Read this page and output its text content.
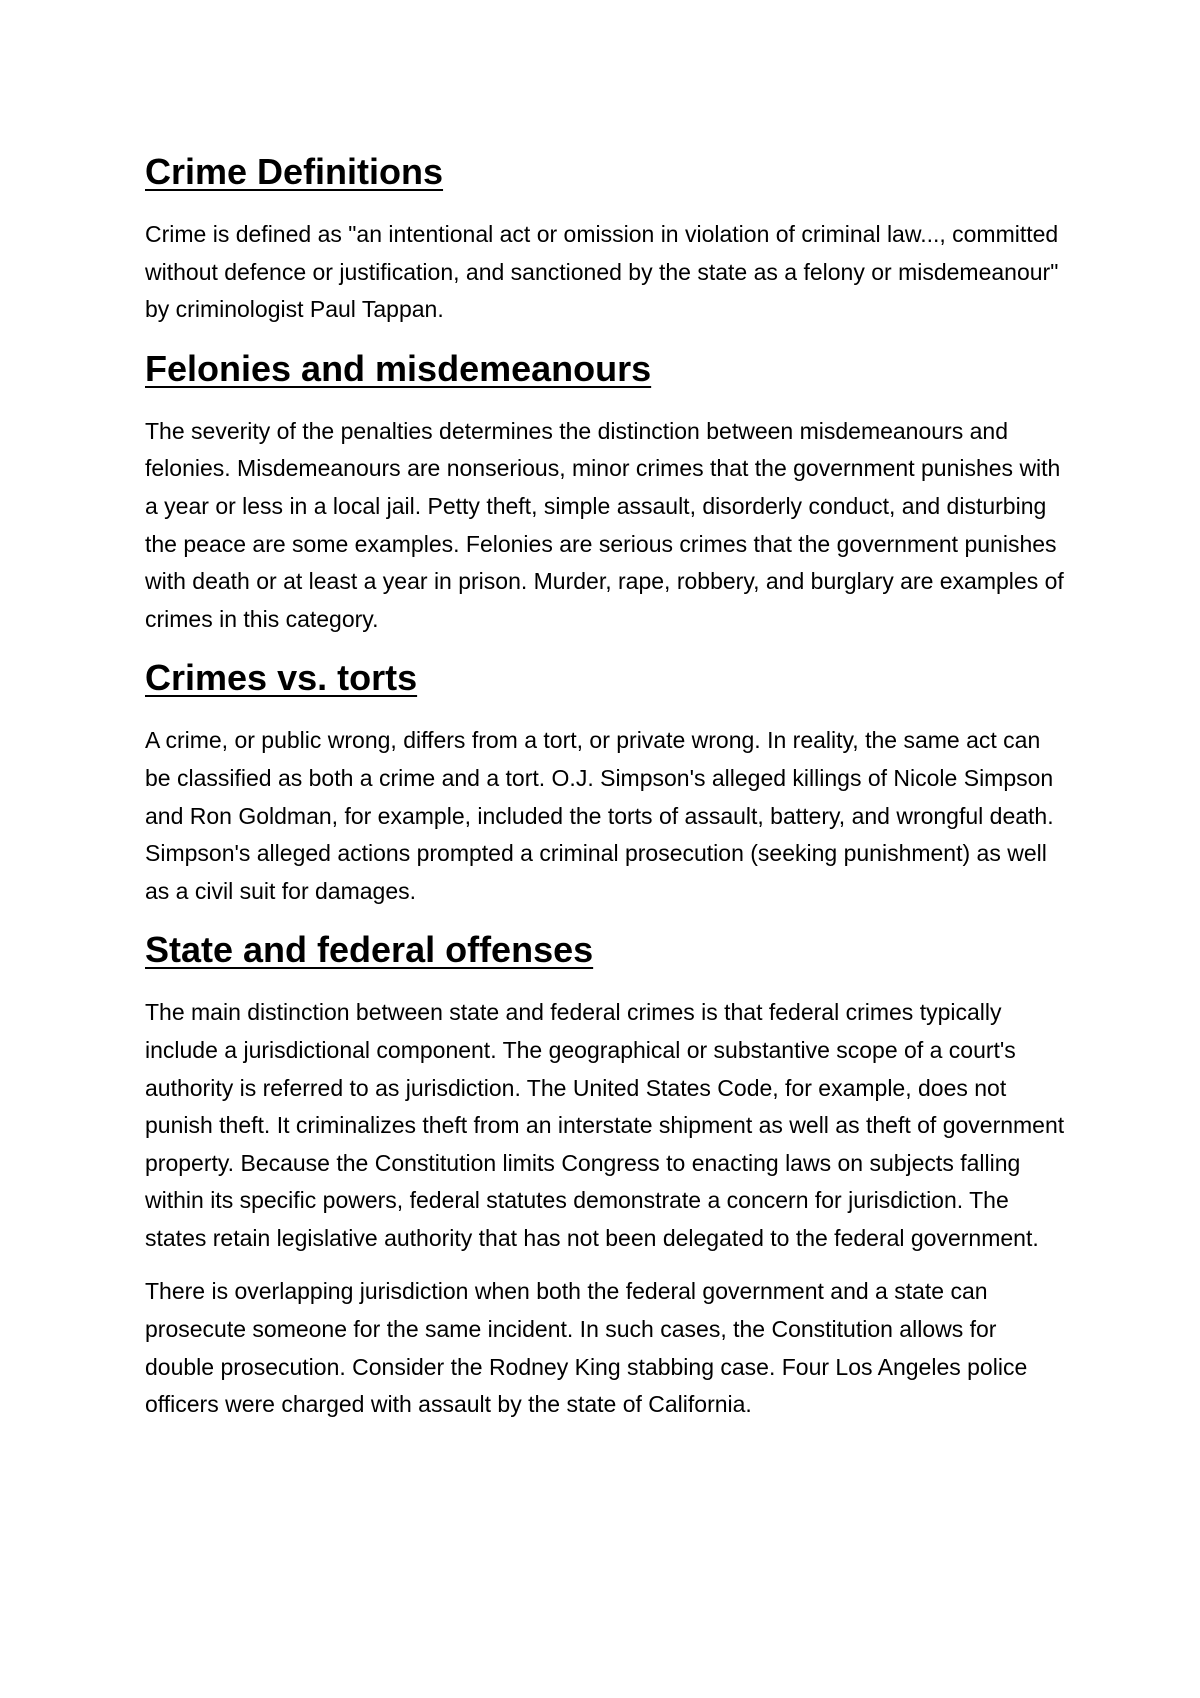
Crime Definitions

Crime is defined as "an intentional act or omission in violation of criminal law..., committed without defence or justification, and sanctioned by the state as a felony or misdemeanour" by criminologist Paul Tappan.

Felonies and misdemeanours

The severity of the penalties determines the distinction between misdemeanours and felonies. Misdemeanours are nonserious, minor crimes that the government punishes with a year or less in a local jail. Petty theft, simple assault, disorderly conduct, and disturbing the peace are some examples. Felonies are serious crimes that the government punishes with death or at least a year in prison. Murder, rape, robbery, and burglary are examples of crimes in this category.

Crimes vs. torts

A crime, or public wrong, differs from a tort, or private wrong. In reality, the same act can be classified as both a crime and a tort. O.J. Simpson's alleged killings of Nicole Simpson and Ron Goldman, for example, included the torts of assault, battery, and wrongful death. Simpson's alleged actions prompted a criminal prosecution (seeking punishment) as well as a civil suit for damages.

State and federal offenses

The main distinction between state and federal crimes is that federal crimes typically include a jurisdictional component. The geographical or substantive scope of a court's authority is referred to as jurisdiction. The United States Code, for example, does not punish theft. It criminalizes theft from an interstate shipment as well as theft of government property. Because the Constitution limits Congress to enacting laws on subjects falling within its specific powers, federal statutes demonstrate a concern for jurisdiction. The states retain legislative authority that has not been delegated to the federal government.

There is overlapping jurisdiction when both the federal government and a state can prosecute someone for the same incident. In such cases, the Constitution allows for double prosecution. Consider the Rodney King stabbing case. Four Los Angeles police officers were charged with assault by the state of California.
